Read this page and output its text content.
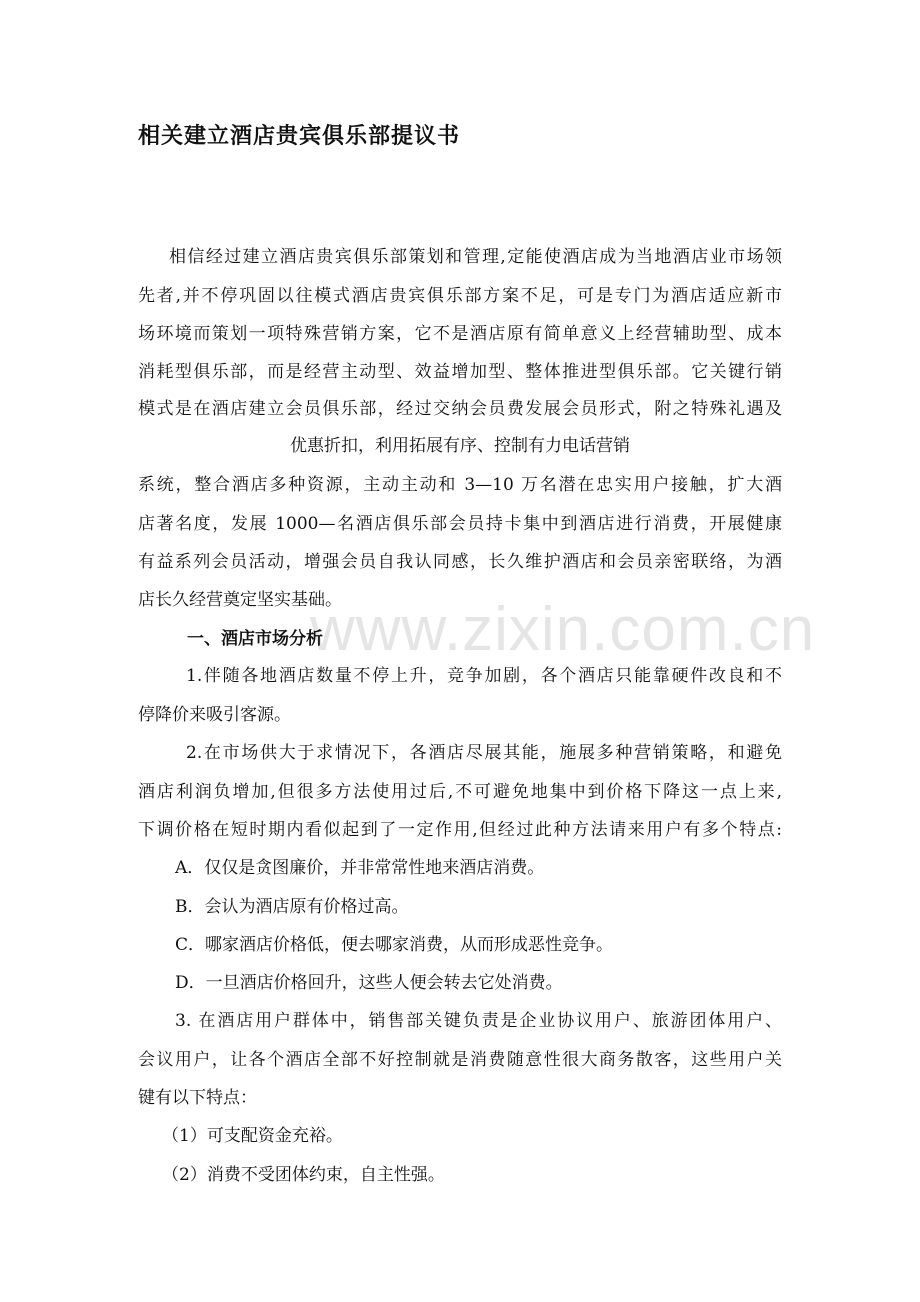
相关建立酒店贵宾俱乐部提议书
www.zixin.com.cn
相信经过建立酒店贵宾俱乐部策划和管理,定能使酒店成为当地酒店业市场领
先者,并不停巩固以往模式酒店贵宾俱乐部方案不足，可是专门为酒店适应新市
场环境而策划一项特殊营销方案，它不是酒店原有简单意义上经营辅助型、成本
消耗型俱乐部，而是经营主动型、效益增加型、整体推进型俱乐部。它关键行销
模式是在酒店建立会员俱乐部，经过交纳会员费发展会员形式，附之特殊礼遇及
优惠折扣，利用拓展有序、控制有力电话营销
系统，整合酒店多种资源，主动主动和 3—10 万名潜在忠实用户接触，扩大酒
店著名度，发展 1000—名酒店俱乐部会员持卡集中到酒店进行消费，开展健康
有益系列会员活动，增强会员自我认同感，长久维护酒店和会员亲密联络，为酒
店长久经营奠定坚实基础。
一、酒店市场分析
1.伴随各地酒店数量不停上升，竞争加剧，各个酒店只能靠硬件改良和不
停降价来吸引客源。
2.在市场供大于求情况下，各酒店尽展其能，施展多种营销策略，和避免
酒店利润负增加,但很多方法使用过后,不可避免地集中到价格下降这一点上来,
下调价格在短时期内看似起到了一定作用,但经过此种方法请来用户有多个特点:
A．仅仅是贪图廉价，并非常常性地来酒店消费。
B．会认为酒店原有价格过高。
C．哪家酒店价格低，便去哪家消费，从而形成恶性竞争。
D．一旦酒店价格回升，这些人便会转去它处消费。
3. 在酒店用户群体中，销售部关键负责是企业协议用户、旅游团体用户、
会议用户，让各个酒店全部不好控制就是消费随意性很大商务散客，这些用户关
键有以下特点：
（1）可支配资金充裕。
（2）消费不受团体约束，自主性强。
